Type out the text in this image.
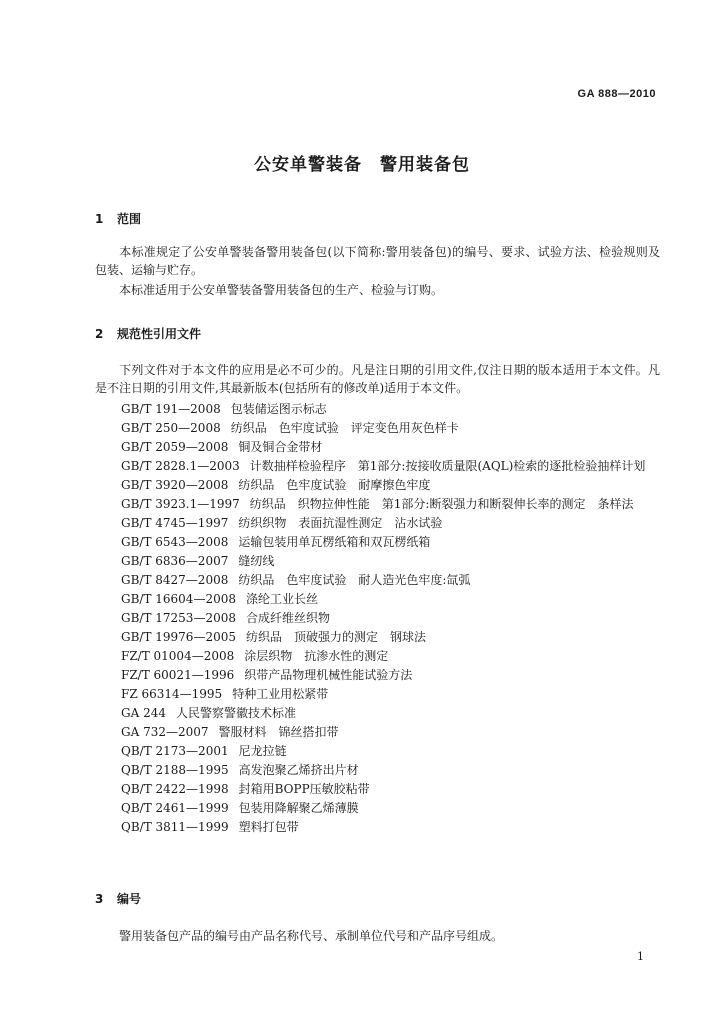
GA 888—2010
公安单警装备　警用装备包
1 范围
本标准规定了公安单警装备警用装备包(以下简称:警用装备包)的编号、要求、试验方法、检验规则及包装、运输与贮存。
本标准适用于公安单警装备警用装备包的生产、检验与订购。
2 规范性引用文件
下列文件对于本文件的应用是必不可少的。凡是注日期的引用文件,仅注日期的版本适用于本文件。凡是不注日期的引用文件,其最新版本(包括所有的修改单)适用于本文件。
GB/T 191—2008 包装储运图示标志
GB/T 250—2008 纺织品　色牢度试验　评定变色用灰色样卡
GB/T 2059—2008 铜及铜合金带材
GB/T 2828.1—2003 计数抽样检验程序　第1部分:按接收质量限(AQL)检索的逐批检验抽样计划
GB/T 3920—2008 纺织品　色牢度试验　耐摩擦色牢度
GB/T 3923.1—1997 纺织品　织物拉伸性能　第1部分:断裂强力和断裂伸长率的测定　条样法
GB/T 4745—1997 纺织织物　表面抗湿性测定　沾水试验
GB/T 6543—2008 运输包装用单瓦楞纸箱和双瓦楞纸箱
GB/T 6836—2007 缝纫线
GB/T 8427—2008 纺织品　色牢度试验　耐人造光色牢度:氙弧
GB/T 16604—2008 涤纶工业长丝
GB/T 17253—2008 合成纤维丝织物
GB/T 19976—2005 纺织品　顶破强力的测定　钢球法
FZ/T 01004—2008 涂层织物　抗渗水性的测定
FZ/T 60021—1996 织带产品物理机械性能试验方法
FZ 66314—1995 特种工业用松紧带
GA 244 人民警察警徽技术标准
GA 732—2007 警服材料　锦丝搭扣带
QB/T 2173—2001 尼龙拉链
QB/T 2188—1995 高发泡聚乙烯挤出片材
QB/T 2422—1998 封箱用BOPP压敏胶粘带
QB/T 2461—1999 包装用降解聚乙烯薄膜
QB/T 3811—1999 塑料打包带
3 编号
警用装备包产品的编号由产品名称代号、承制单位代号和产品序号组成。
1
